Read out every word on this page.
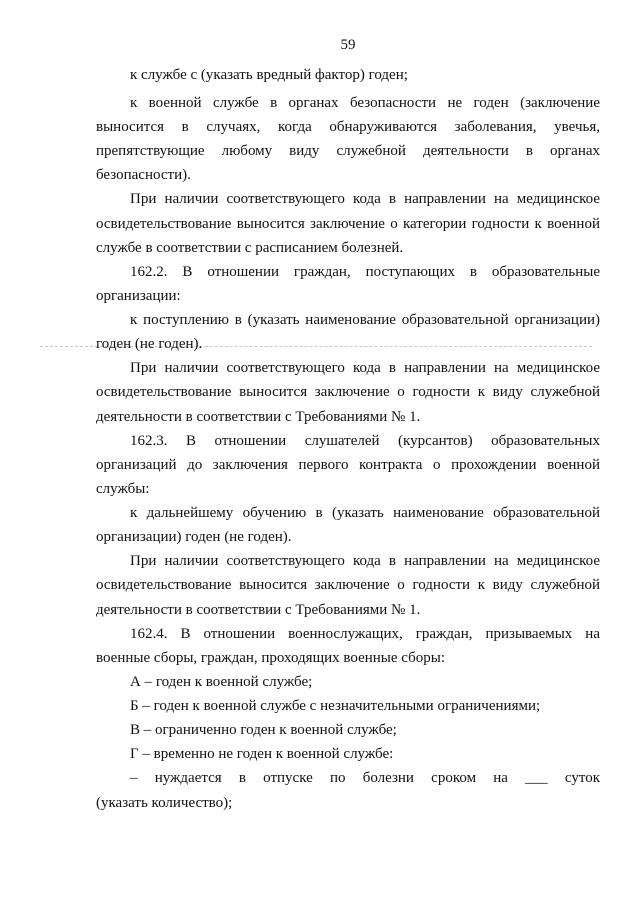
59
к службе с (указать вредный фактор) годен;
к военной службе в органах безопасности не годен (заключение
выносится в случаях, когда обнаруживаются заболевания, увечья,
препятствующие любому виду служебной деятельности в органах
безопасности).
При наличии соответствующего кода в направлении на медицинское
освидетельствование выносится заключение о категории годности к военной
службе в соответствии с расписанием болезней.
162.2. В отношении граждан, поступающих в образовательные
организации:
к поступлению в (указать наименование образовательной организации)
годен (не годен).
При наличии соответствующего кода в направлении на медицинское
освидетельствование выносится заключение о годности к виду служебной
деятельности в соответствии с Требованиями № 1.
162.3. В отношении слушателей (курсантов) образовательных
организаций до заключения первого контракта о прохождении военной
службы:
к дальнейшему обучению в (указать наименование образовательной
организации) годен (не годен).
При наличии соответствующего кода в направлении на медицинское
освидетельствование выносится заключение о годности к виду служебной
деятельности в соответствии с Требованиями № 1.
162.4. В отношении военнослужащих, граждан, призываемых на
военные сборы, граждан, проходящих военные сборы:
А – годен к военной службе;
Б – годен к военной службе с незначительными ограничениями;
В – ограниченно годен к военной службе;
Г – временно не годен к военной службе:
– нуждается в отпуске по болезни сроком на ___ суток
(указать количество);
